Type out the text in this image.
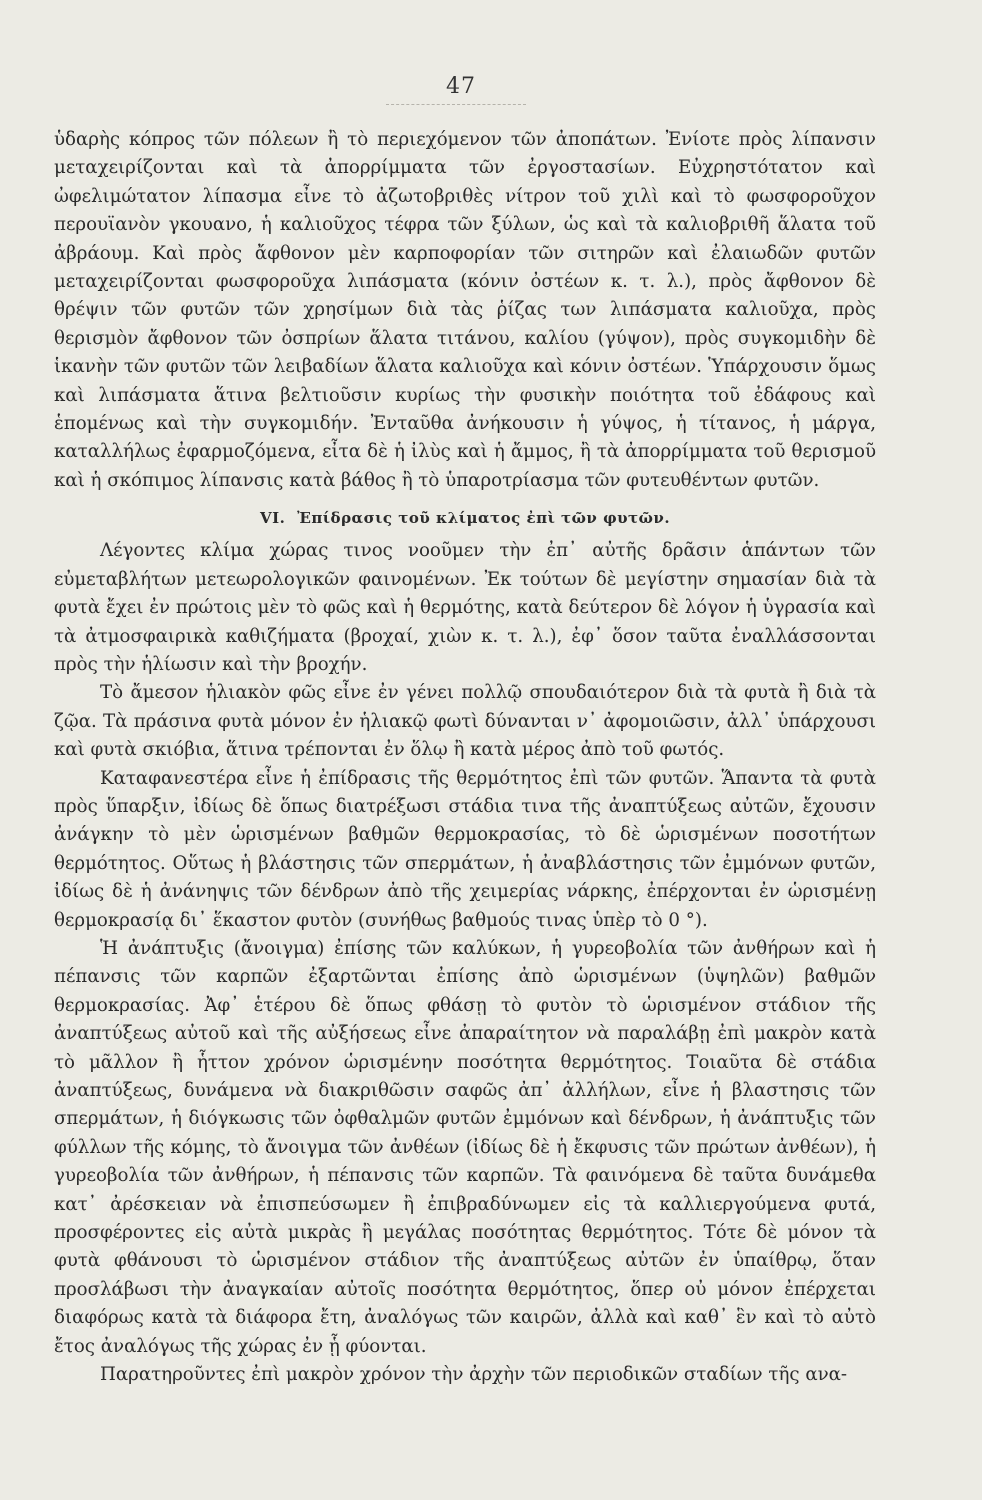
47

ὑδαρὴς κόπρος τῶν πόλεων ἢ τὸ περιεχόμενον τῶν ἀποπάτων. Ἐνίοτε πρὸς λίπανσιν μεταχειρίζονται καὶ τὰ ἀπορρίμματα τῶν ἐργοστασίων. Εὐχρηστότατον καὶ ὠφελιμώτατον λίπασμα εἶνε τὸ ἀζωτοβριθὲς νίτρον τοῦ χιλὶ καὶ τὸ φωσφοροῦχον περουϊανὸν γκουανο, ἡ καλιοῦχος τέφρα τῶν ξύλων, ὡς καὶ τὰ καλιοβριθῆ ἅλατα τοῦ ἀβράουμ. Καὶ πρὸς ἄφθονον μὲν καρποφορίαν τῶν σιτηρῶν καὶ ἐλαιωδῶν φυτῶν μεταχειρίζονται φωσφοροῦχα λιπάσματα (κόνιν ὀστέων κ. τ. λ.), πρὸς ἄφθονον δὲ θρέψιν τῶν φυτῶν τῶν χρησίμων διὰ τὰς ῥίζας των λιπάσματα καλιοῦχα, πρὸς θερισμὸν ἄφθονον τῶν ὀσπρίων ἅλατα τιτάνου, καλίου (γύψον), πρὸς συγκομιδὴν δὲ ἱκανὴν τῶν φυτῶν τῶν λειβαδίων ἅλατα καλιοῦχα καὶ κόνιν ὀστέων. Ὑπάρχουσιν ὅμως καὶ λιπάσματα ἅτινα βελτιοῦσιν κυρίως τὴν φυσικὴν ποιότητα τοῦ ἐδάφους καὶ ἑπομένως καὶ τὴν συγκομιδήν. Ἐνταῦθα ἀνήκουσιν ἡ γύψος, ἡ τίτανος, ἡ μάργα, καταλλήλως ἐφαρμοζόμενα, εἶτα δὲ ἡ ἰλὺς καὶ ἡ ἄμμος, ἢ τὰ ἀπορρίμματα τοῦ θερισμοῦ καὶ ἡ σκόπιμος λίπανσις κατὰ βάθος ἢ τὸ ὑπαροτρίασμα τῶν φυτευθέντων φυτῶν.

VI. Ἐπίδρασις τοῦ κλίματος ἐπὶ τῶν φυτῶν.

Λέγοντες κλίμα χώρας τινος νοοῦμεν τὴν ἐπ᾽ αὐτῆς δρᾶσιν ἁπάντων τῶν εὐμεταβλήτων μετεωρολογικῶν φαινομένων. Ἐκ τούτων δὲ μεγίστην σημασίαν διὰ τὰ φυτὰ ἔχει ἐν πρώτοις μὲν τὸ φῶς καὶ ἡ θερμότης, κατὰ δεύτερον δὲ λόγον ἡ ὑγρασία καὶ τὰ ἀτμοσφαιρικὰ καθιζήματα (βροχαί, χιὼν κ. τ. λ.), ἐφ᾽ ὅσον ταῦτα ἐναλλάσσονται πρὸς τὴν ἡλίωσιν καὶ τὴν βροχήν.

Τὸ ἄμεσον ἡλιακὸν φῶς εἶνε ἐν γένει πολλῷ σπουδαιότερον διὰ τὰ φυτὰ ἢ διὰ τὰ ζῷα. Τὰ πράσινα φυτὰ μόνον ἐν ἡλιακῷ φωτὶ δύνανται ν᾽ ἀφομοιῶσιν, ἀλλ᾽ ὑπάρχουσι καὶ φυτὰ σκιόβια, ἅτινα τρέπονται ἐν ὅλῳ ἢ κατὰ μέρος ἀπὸ τοῦ φωτός.

Καταφανεστέρα εἶνε ἡ ἐπίδρασις τῆς θερμότητος ἐπὶ τῶν φυτῶν. Ἅπαντα τὰ φυτὰ πρὸς ὕπαρξιν, ἰδίως δὲ ὅπως διατρέξωσι στάδια τινα τῆς ἀναπτύξεως αὐτῶν, ἔχουσιν ἀνάγκην τὸ μὲν ὡρισμένων βαθμῶν θερμοκρασίας, τὸ δὲ ὡρισμένων ποσοτήτων θερμότητος. Οὕτως ἡ βλάστησις τῶν σπερμάτων, ἡ ἀναβλάστησις τῶν ἐμμόνων φυτῶν, ἰδίως δὲ ἡ ἀνάνηψις τῶν δένδρων ἀπὸ τῆς χειμερίας νάρκης, ἐπέρχονται ἐν ὡρισμένῃ θερμοκρασίᾳ δι᾽ ἕκαστον φυτὸν (συνήθως βαθμούς τινας ὑπὲρ τὸ 0 °).

Ἡ ἀνάπτυξις (ἄνοιγμα) ἐπίσης τῶν καλύκων, ἡ γυρεοβολία τῶν ἀνθήρων καὶ ἡ πέπανσις τῶν καρπῶν ἐξαρτῶνται ἐπίσης ἀπὸ ὡρισμένων (ὑψηλῶν) βαθμῶν θερμοκρασίας. Ἀφ᾽ ἑτέρου δὲ ὅπως φθάσῃ τὸ φυτὸν τὸ ὡρισμένον στάδιον τῆς ἀναπτύξεως αὐτοῦ καὶ τῆς αὐξήσεως εἶνε ἀπαραίτητον νὰ παραλάβῃ ἐπὶ μακρὸν κατὰ τὸ μᾶλλον ἢ ἧττον χρόνον ὡρισμένην ποσότητα θερμότητος. Τοιαῦτα δὲ στάδια ἀναπτύξεως, δυνάμενα νὰ διακριθῶσιν σαφῶς ἀπ᾽ ἀλλήλων, εἶνε ἡ βλαστησις τῶν σπερμάτων, ἡ διόγκωσις τῶν ὀφθαλμῶν φυτῶν ἐμμόνων καὶ δένδρων, ἡ ἀνάπτυξις τῶν φύλλων τῆς κόμης, τὸ ἄνοιγμα τῶν ἀνθέων (ἰδίως δὲ ἡ ἔκφυσις τῶν πρώτων ἀνθέων), ἡ γυρεοβολία τῶν ἀνθήρων, ἡ πέπανσις τῶν καρπῶν. Τὰ φαινόμενα δὲ ταῦτα δυνάμεθα κατ᾽ ἀρέσκειαν νὰ ἐπισπεύσωμεν ἢ ἐπιβραδύνωμεν εἰς τὰ καλλιεργούμενα φυτά, προσφέροντες εἰς αὐτὰ μικρὰς ἢ μεγάλας ποσότητας θερμότητος. Τότε δὲ μόνον τὰ φυτὰ φθάνουσι τὸ ὡρισμένον στάδιον τῆς ἀναπτύξεως αὐτῶν ἐν ὑπαίθρῳ, ὅταν προσλάβωσι τὴν ἀναγκαίαν αὐτοῖς ποσότητα θερμότητος, ὅπερ οὐ μόνον ἐπέρχεται διαφόρως κατὰ τὰ διάφορα ἔτη, ἀναλόγως τῶν καιρῶν, ἀλλὰ καὶ καθ᾽ ἓν καὶ τὸ αὐτὸ ἔτος ἀναλόγως τῆς χώρας ἐν ᾗ φύονται.

Παρατηροῦντες ἐπὶ μακρὸν χρόνον τὴν ἀρχὴν τῶν περιοδικῶν σταδίων τῆς ανα-
